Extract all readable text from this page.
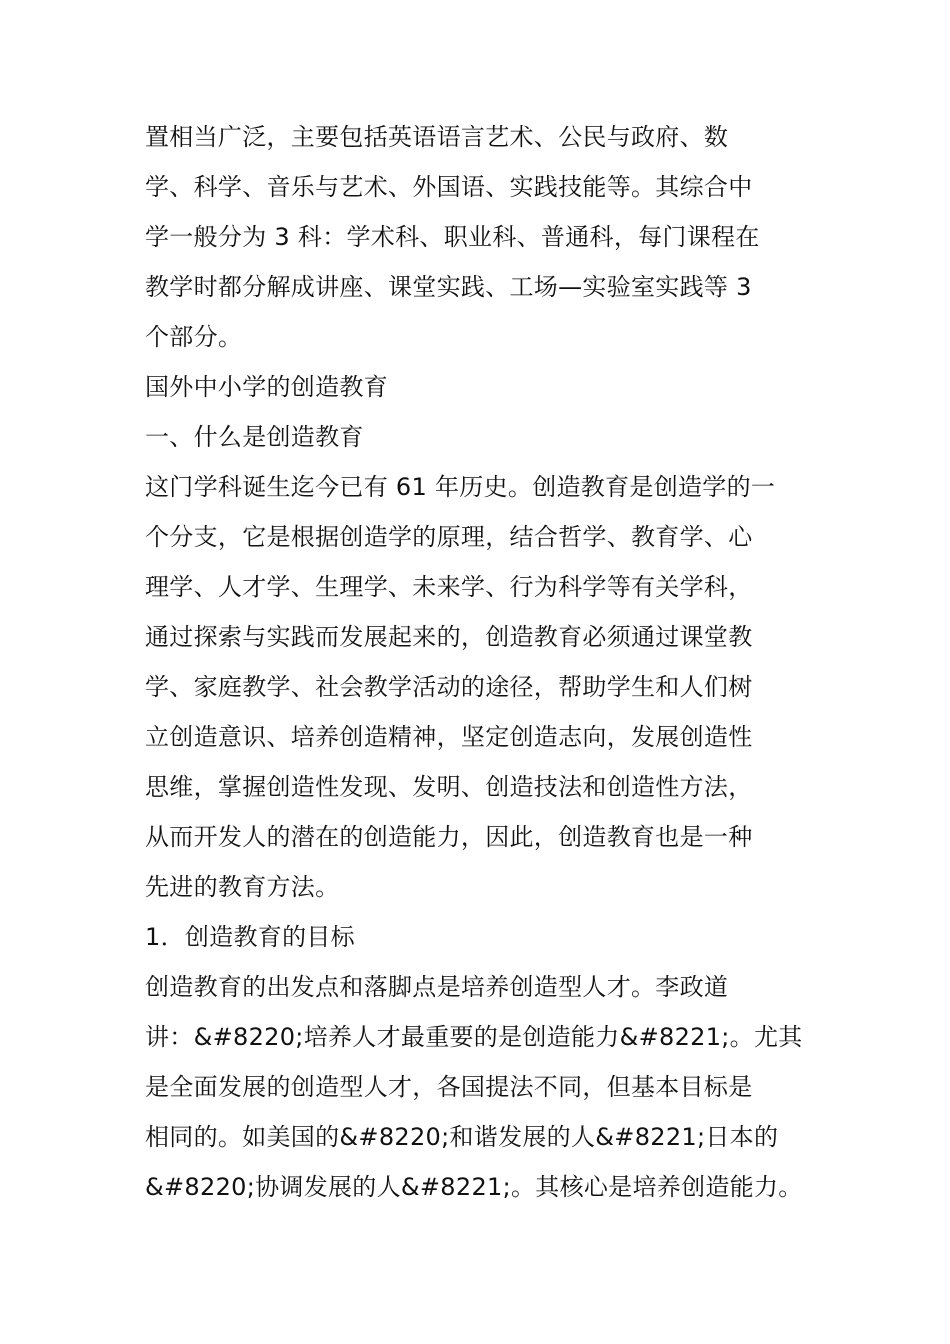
置相当广泛，主要包括英语语言艺术、公民与政府、数
学、科学、音乐与艺术、外国语、实践技能等。其综合中
学一般分为 3 科：学术科、职业科、普通科，每门课程在
教学时都分解成讲座、课堂实践、工场—实验室实践等 3
个部分。
国外中小学的创造教育
一、什么是创造教育
这门学科诞生迄今已有 61 年历史。创造教育是创造学的一
个分支，它是根据创造学的原理，结合哲学、教育学、心
理学、人才学、生理学、未来学、行为科学等有关学科，
通过探索与实践而发展起来的，创造教育必须通过课堂教
学、家庭教学、社会教学活动的途径，帮助学生和人们树
立创造意识、培养创造精神，坚定创造志向，发展创造性
思维，掌握创造性发现、发明、创造技法和创造性方法，
从而开发人的潜在的创造能力，因此，创造教育也是一种
先进的教育方法。
1．创造教育的目标
创造教育的出发点和落脚点是培养创造型人才。李政道
讲：&#8220;培养人才最重要的是创造能力&#8221;。尤其
是全面发展的创造型人才，各国提法不同，但基本目标是
相同的。如美国的&#8220;和谐发展的人&#8221;日本的
&#8220;协调发展的人&#8221;。其核心是培养创造能力。
